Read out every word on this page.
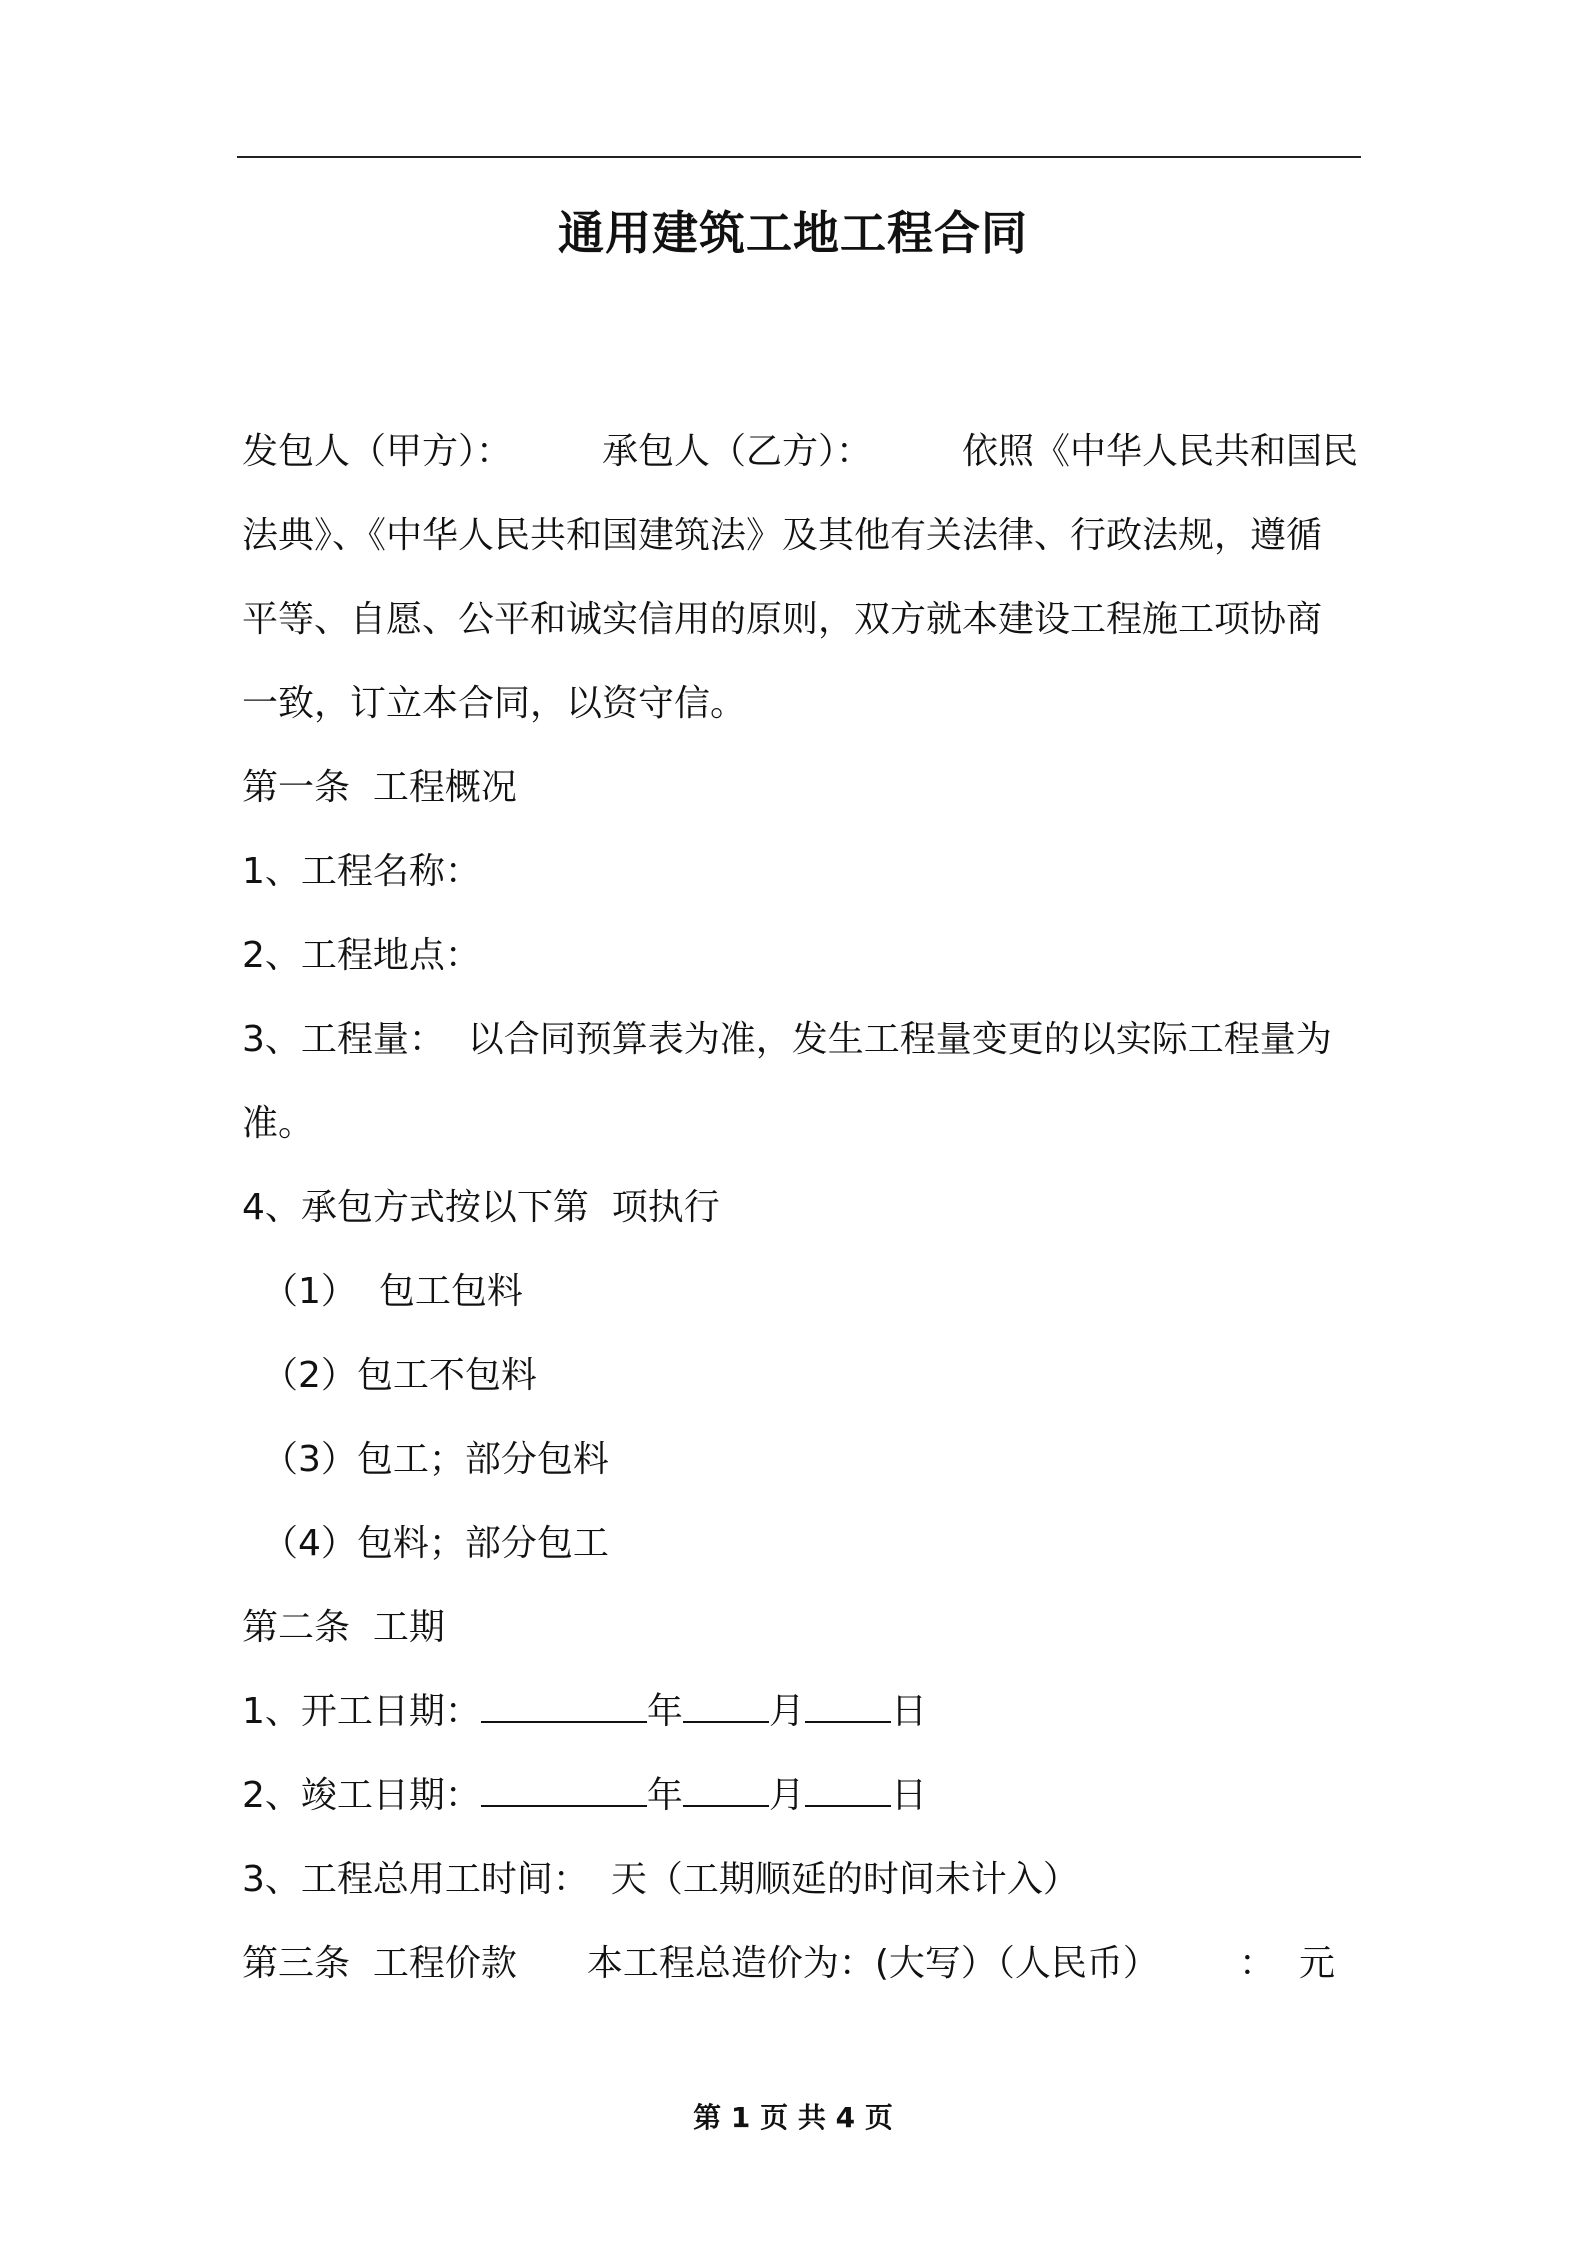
通用建筑工地工程合同
发包人（甲方）：	承包人（乙方）：	依照《中华人民共和国民
法典》、《中华人民共和国建筑法》及其他有关法律、行政法规，遵循
平等、自愿、公平和诚实信用的原则，双方就本建设工程施工项协商
一致，订立本合同，以资守信。
第一条  工程概况
1、工程名称：
2、工程地点：
3、工程量：  以合同预算表为准，发生工程量变更的以实际工程量为
准。
4、承包方式按以下第  项执行
（1） 包工包料
（2）包工不包料
（3）包工；部分包料
（4）包料；部分包工
第二条  工期
1、开工日期：	年 月 日
2、竣工日期：	年 月 日
3、工程总用工时间： 天（工期顺延的时间未计入）
第三条  工程价款 本工程总造价为：(大写）（人民币） ： 元
第 1 页 共 4 页
